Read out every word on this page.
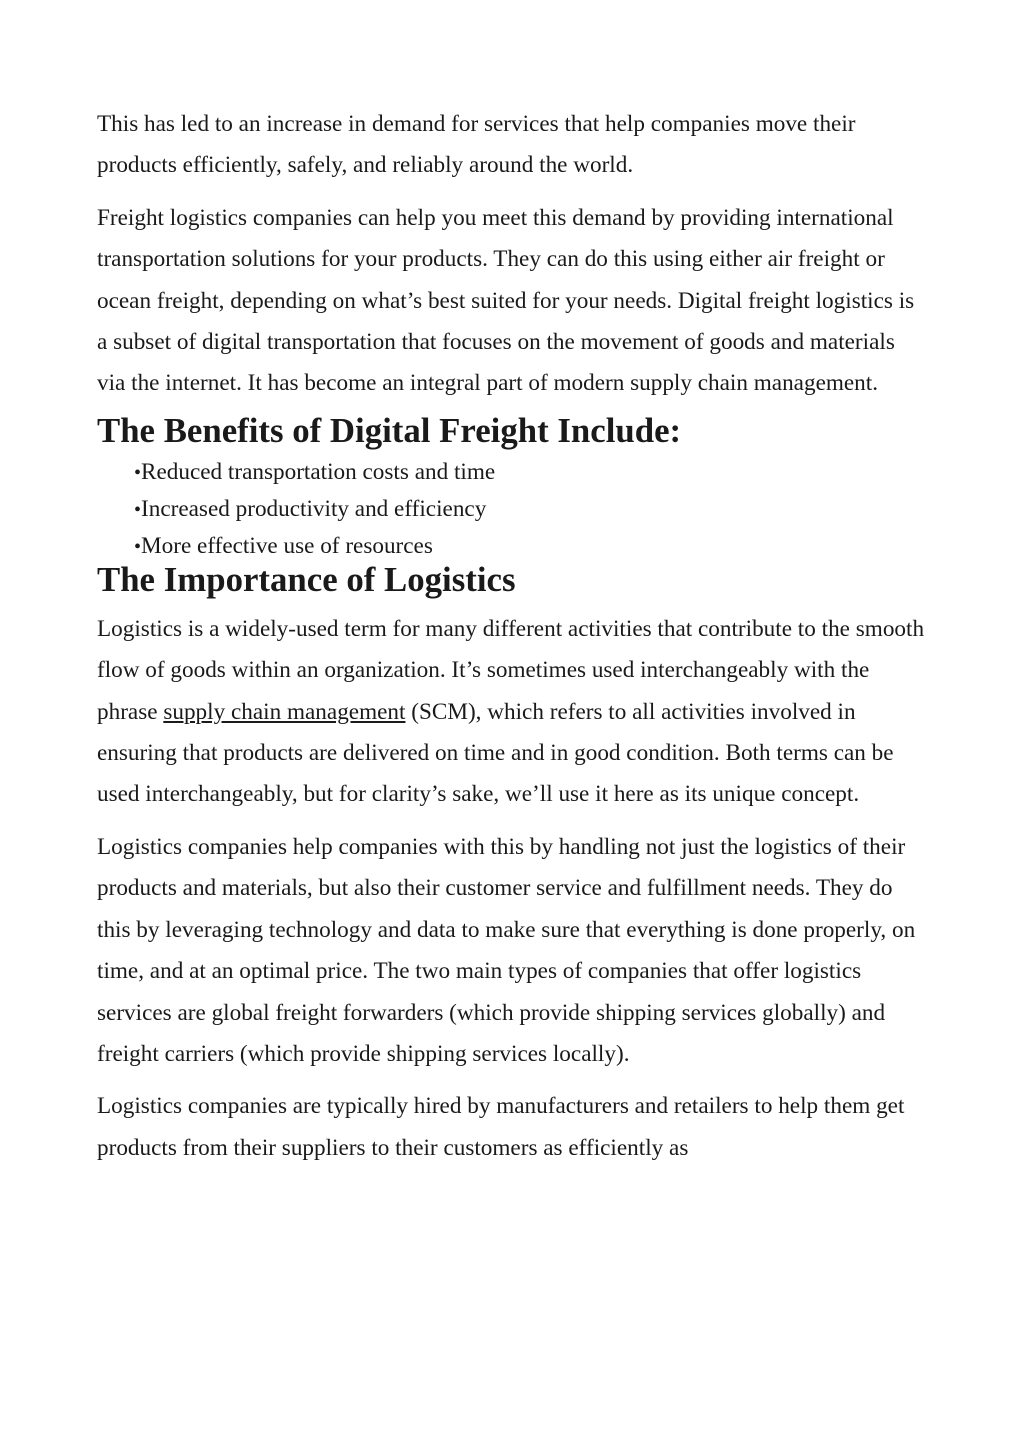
This has led to an increase in demand for services that help companies move their products efficiently, safely, and reliably around the world.

Freight logistics companies can help you meet this demand by providing international transportation solutions for your products. They can do this using either air freight or ocean freight, depending on what’s best suited for your needs. Digital freight logistics is a subset of digital transportation that focuses on the movement of goods and materials via the internet. It has become an integral part of modern supply chain management.

The Benefits of Digital Freight Include:
•Reduced transportation costs and time
•Increased productivity and efficiency
•More effective use of resources
The Importance of Logistics

Logistics is a widely-used term for many different activities that contribute to the smooth flow of goods within an organization. It’s sometimes used interchangeably with the phrase supply chain management (SCM), which refers to all activities involved in ensuring that products are delivered on time and in good condition. Both terms can be used interchangeably, but for clarity’s sake, we’ll use it here as its unique concept.

Logistics companies help companies with this by handling not just the logistics of their products and materials, but also their customer service and fulfillment needs. They do this by leveraging technology and data to make sure that everything is done properly, on time, and at an optimal price. The two main types of companies that offer logistics services are global freight forwarders (which provide shipping services globally) and freight carriers (which provide shipping services locally).

Logistics companies are typically hired by manufacturers and retailers to help them get products from their suppliers to their customers as efficiently as
